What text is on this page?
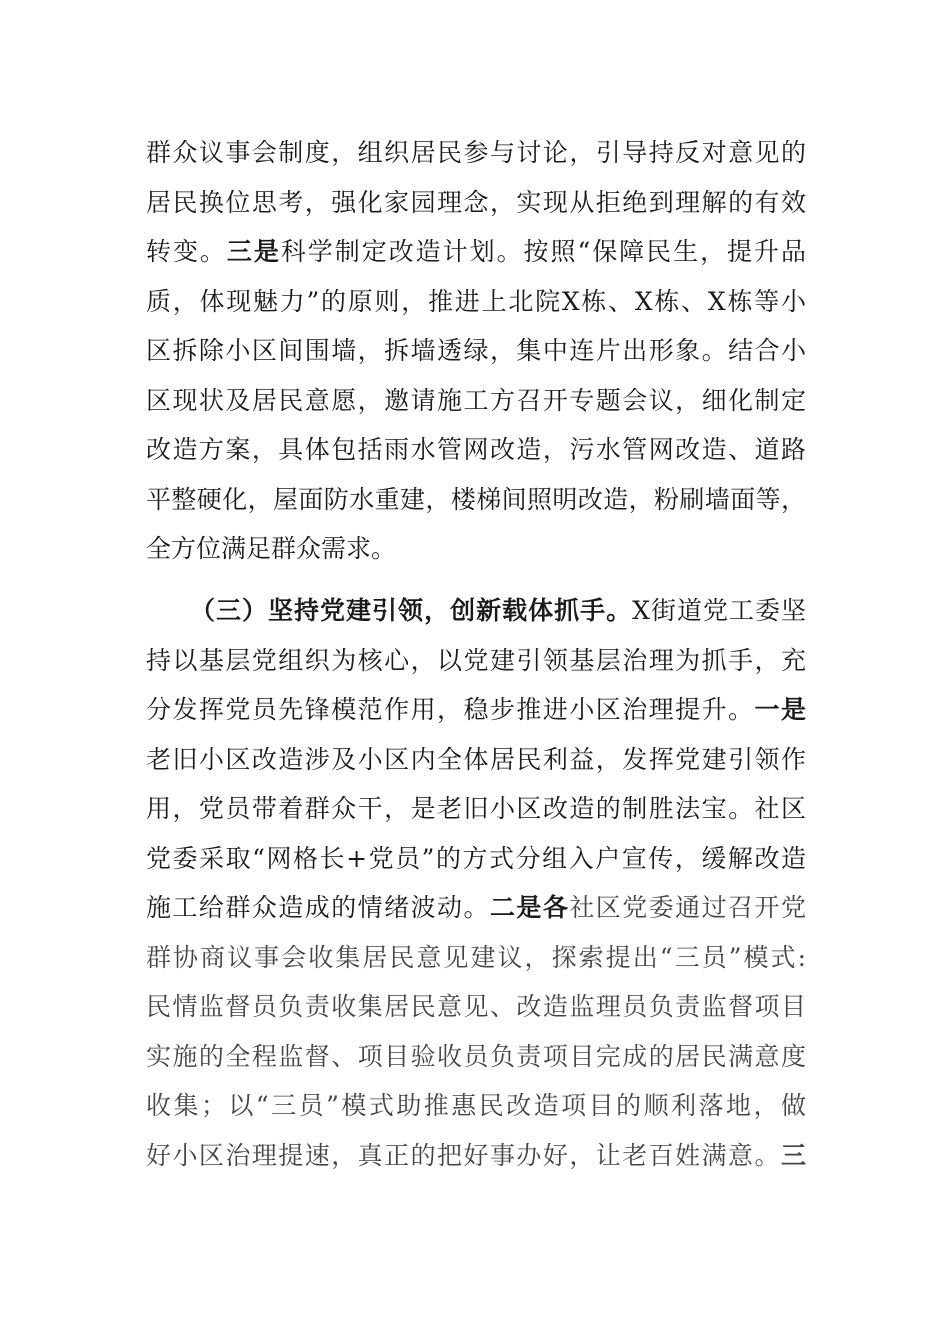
群众议事会制度，组织居民参与讨论，引导持反对意见的
居民换位思考，强化家园理念，实现从拒绝到理解的有效
转变。三是科学制定改造计划。按照“保障民生，提升品
质，体现魅力”的原则，推进上北院X栋、X栋、X栋等小
区拆除小区间围墙，拆墙透绿，集中连片出形象。结合小
区现状及居民意愿，邀请施工方召开专题会议，细化制定
改造方案，具体包括雨水管网改造，污水管网改造、道路
平整硬化，屋面防水重建，楼梯间照明改造，粉刷墙面等，
全方位满足群众需求。
（三）坚持党建引领，创新载体抓手。X街道党工委坚
持以基层党组织为核心，以党建引领基层治理为抓手，充
分发挥党员先锋模范作用，稳步推进小区治理提升。一是
老旧小区改造涉及小区内全体居民利益，发挥党建引领作
用，党员带着群众干，是老旧小区改造的制胜法宝。社区
党委采取“网格长+党员”的方式分组入户宣传，缓解改造
施工给群众造成的情绪波动。二是各社区党委通过召开党
群协商议事会收集居民意见建议，探索提出“三员”模式:
民情监督员负责收集居民意见、改造监理员负责监督项目
实施的全程监督、项目验收员负责项目完成的居民满意度
收集；以“三员”模式助推惠民改造项目的顺利落地，做
好小区治理提速，真正的把好事办好，让老百姓满意。三
